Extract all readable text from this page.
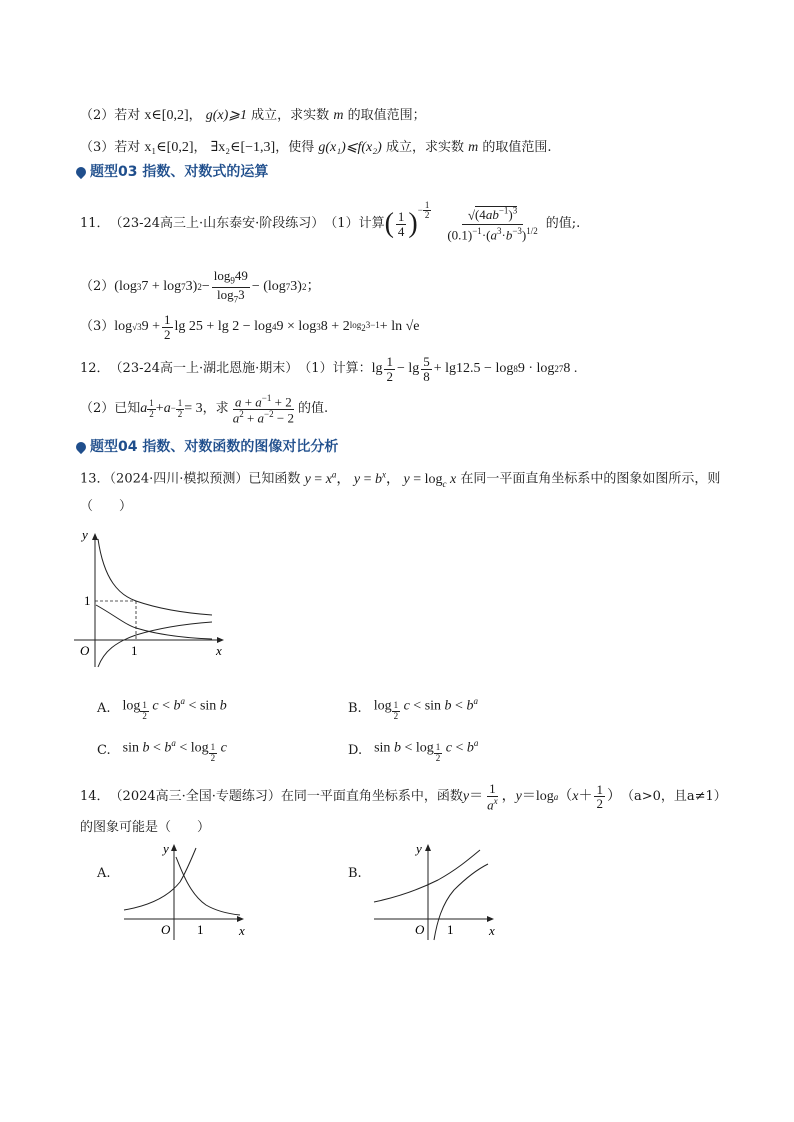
（2）若对 x∈[0,2]， g(x)⩾1 成立，求实数 m 的取值范围；
（3）若对 x₁∈[0,2]， ∃x₂∈[−1,3]，使得 g(x₁)⩽f(x₂) 成立，求实数 m 的取值范围.
题型03 指数、对数式的运算
11． （23-24高三上·山东泰安·阶段练习） （1）计算 ( $\frac{1}{4} )^{- \frac{1}{2}} \frac{√(4ab^{-1})^3}{(0.1)^{-1}\cdot(a^3\cdot b^{-3})^{1/2}}$ 的值;.
（2） (log 3 7 + log 7 3) $2 - \frac{\log_949}{\log_73} - (\log$ 7 3) 2 ；
（3） log √3 $9 + \frac{1}{2}$ lg 25 + lg 2 − log 4 9 × log 3 8 + 2 $\log_23-1 + \ln √e$
12． （23-24高一上·湖北恩施·期末） （1）计算： $\lg \frac{1}{2} - \lg \frac{5}{8} + \lg 12.5 - \log 8$ 9 · log 27 8 .
（2）已知 a $\frac{1}{2} + a - \frac{1}{2} = 3$ ，求 $\frac{a + a^{-1} + 2}{a^2 + a^{-2} - 2}$ 的值.
题型04 指数、对数函数的图像对比分析
13．（2024·四川·模拟预测）已知函数 $y = x^a$， $y = b^x$， $y = \log_c x$ 在同一平面直角坐标系中的图象如图所示，则
（　　）
y
x
O	1
1
A. log $_{\frac{1}{2}}$ $c < b^a < \sin b$	B. log $_{\frac{1}{2}}$ $c < \sin b < b^a$
C. $\sin b < b^a < \log _{\frac{1}{2}}$ c	D. sin b < log $_{\frac{1}{2}}$ $c < b^a$
14． （2024高三·全国·专题练习） 在同一平面直角坐标系中，函数 $y = \frac{1}{a^x}$ ， y ＝log a （ $x + \frac{1}{2}$ ） （a>0，且a≠1）
的图象可能是（　　）
A.
y
x
O 1
B.
y
x
O 1
